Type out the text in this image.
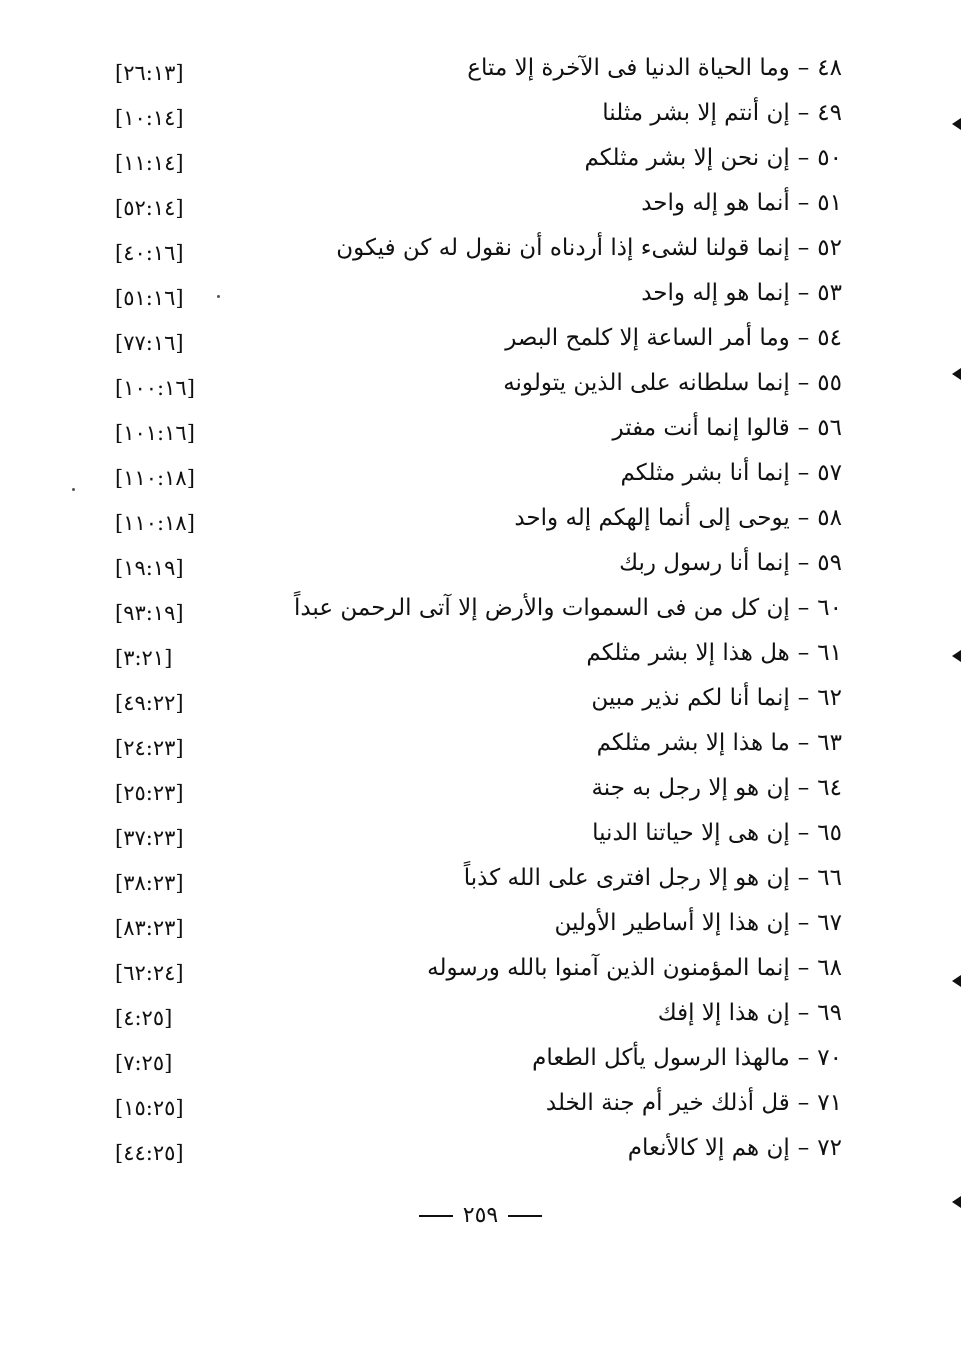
[٢٦:١٣]	٤٨–وما الحياة الدنيا فى الآخرة إلا متاع
[١٠:١٤]	٤٩–إن أنتم إلا بشر مثلنا
[١١:١٤]	٥٠–إن نحن إلا بشر مثلكم
[٥٢:١٤]	٥١–أنما هو إله واحد
[٤٠:١٦]	٥٢–إنما قولنا لشىء إذا أردناه أن نقول له كن فيكون
[٥١:١٦]	٥٣–إنما هو إله واحد
[٧٧:١٦]	٥٤–وما أمر الساعة إلا كلمح البصر
[١٠٠:١٦]	٥٥–إنما سلطانه على الذين يتولونه
[١٠١:١٦]	٥٦–قالوا إنما أنت مفتر
[١١٠:١٨]	٥٧–إنما أنا بشر مثلكم
[١١٠:١٨]	٥٨–يوحى إلى أنما إلهكم إله واحد
[١٩:١٩]	٥٩–إنما أنا رسول ربك
[٩٣:١٩]	٦٠–إن كل من فى السموات والأرض إلا آتى الرحمن عبداً
[٣:٢١]	٦١–هل هذا إلا بشر مثلكم
[٤٩:٢٢]	٦٢–إنما أنا لكم نذير مبين
[٢٤:٢٣]	٦٣–ما هذا إلا بشر مثلكم
[٢٥:٢٣]	٦٤–إن هو إلا رجل به جنة
[٣٧:٢٣]	٦٥–إن هى إلا حياتنا الدنيا
[٣٨:٢٣]	٦٦–إن هو إلا رجل افترى على الله كذباً
[٨٣:٢٣]	٦٧–إن هذا إلا أساطير الأولين
[٦٢:٢٤]	٦٨–إنما المؤمنون الذين آمنوا بالله ورسوله
[٤:٢٥]	٦٩–إن هذا إلا إفك
[٧:٢٥]	٧٠–مالهذا الرسول يأكل الطعام
[١٥:٢٥]	٧١–قل أذلك خير أم جنة الخلد
[٤٤:٢٥]	٧٢–إن هم إلا كالأنعام
٢٥٩
